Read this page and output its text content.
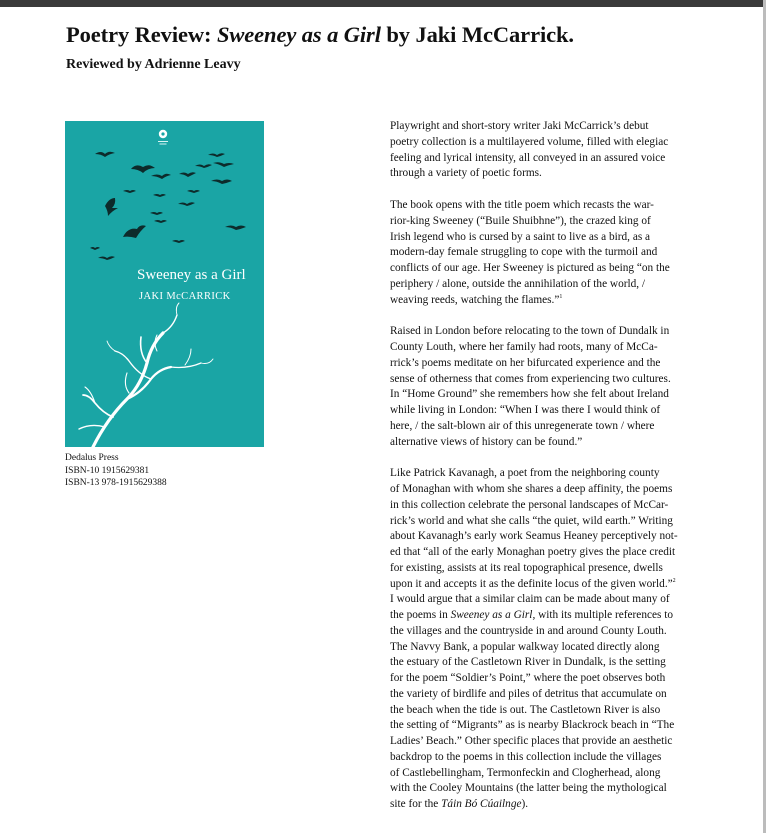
Poetry Review: Sweeney as a Girl by Jaki McCarrick.
Reviewed by Adrienne Leavy
Sweeney as a Girl
JAKI McCARRICK
Dedalus Press
ISBN-10 1915629381
ISBN-13 978-1915629388

Playwright and short-story writer Jaki McCarrick’s debut
poetry collection is a multilayered volume, filled with elegiac
feeling and lyrical intensity, all conveyed in an assured voice
through a variety of poetic forms.

The book opens with the title poem which recasts the war-
rior-king Sweeney (“Buile Shuibhne”), the crazed king of
Irish legend who is cursed by a saint to live as a bird, as a
modern-day female struggling to cope with the turmoil and
conflicts of our age. Her Sweeney is pictured as being “on the
periphery / alone, outside the annihilation of the world, /
weaving reeds, watching the flames.”$^1$

Raised in London before relocating to the town of Dundalk in
County Louth, where her family had roots, many of McCa-
rrick’s poems meditate on her bifurcated experience and the
sense of otherness that comes from experiencing two cultures.
In “Home Ground” she remembers how she felt about Ireland
while living in London: “When I was there I would think of
here, / the salt-blown air of this unregenerate town / where
alternative views of history can be found.”

Like Patrick Kavanagh, a poet from the neighboring county
of Monaghan with whom she shares a deep affinity, the poems
in this collection celebrate the personal landscapes of McCar-
rick’s world and what she calls “the quiet, wild earth.” Writing
about Kavanagh’s early work Seamus Heaney perceptively not-
ed that “all of the early Monaghan poetry gives the place credit
for existing, assists at its real topographical presence, dwells
upon it and accepts it as the definite locus of the given world.”$^2$
I would argue that a similar claim can be made about many of
the poems in Sweeney as a Girl, with its multiple references to
the villages and the countryside in and around County Louth.
The Navvy Bank, a popular walkway located directly along
the estuary of the Castletown River in Dundalk, is the setting
for the poem “Soldier’s Point,” where the poet observes both
the variety of birdlife and piles of detritus that accumulate on
the beach when the tide is out. The Castletown River is also
the setting of “Migrants” as is nearby Blackrock beach in “The
Ladies’ Beach.” Other specific places that provide an aesthetic
backdrop to the poems in this collection include the villages
of Castlebellingham, Termonfeckin and Clogherhead, along
with the Cooley Mountains (the latter being the mythological
site for the Táin Bó Cúailnge).
